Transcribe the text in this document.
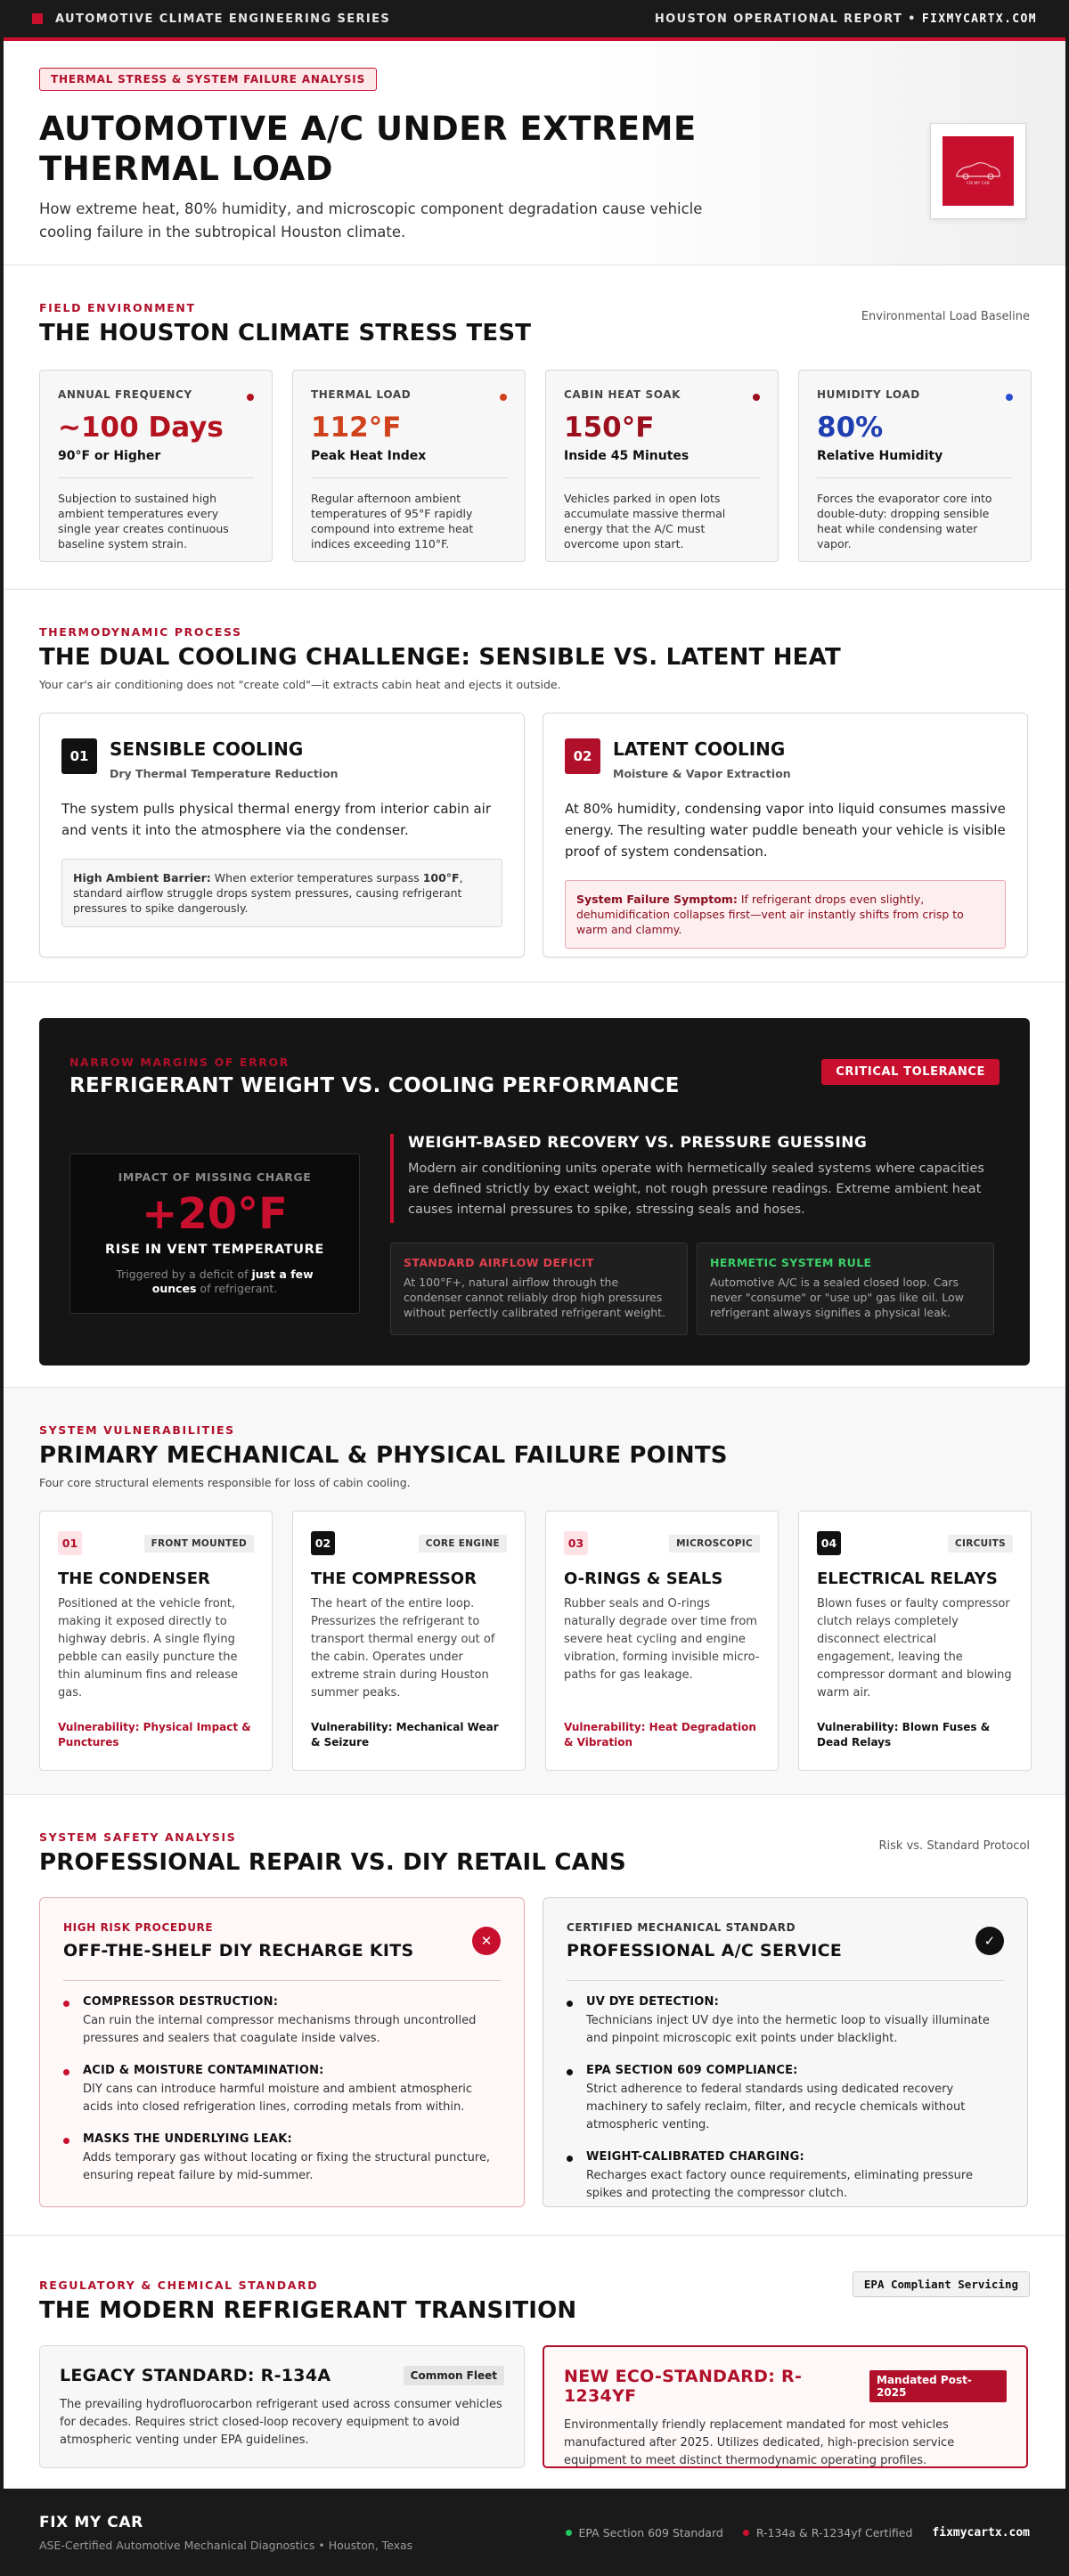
AUTOMOTIVE CLIMATE ENGINEERING SERIES	HOUSTON OPERATIONAL REPORT • FIXMYCARTX.COM
THERMAL STRESS & SYSTEM FAILURE ANALYSIS
AUTOMOTIVE A/C UNDER EXTREME THERMAL LOAD

How extreme heat, 80% humidity, and microscopic component degradation cause vehicle cooling failure in the subtropical Houston climate.

FIX MY CAR
FIELD ENVIRONMENT
THE HOUSTON CLIMATE STRESS TEST
Environmental Load Baseline
ANNUAL FREQUENCY
~100 Days
90°F or Higher
Subjection to sustained high ambient temperatures every single year creates continuous baseline system strain.
THERMAL LOAD
112°F
Peak Heat Index
Regular afternoon ambient temperatures of 95°F rapidly compound into extreme heat indices exceeding 110°F.
CABIN HEAT SOAK
150°F
Inside 45 Minutes
Vehicles parked in open lots accumulate massive thermal energy that the A/C must overcome upon start.
HUMIDITY LOAD
80%
Relative Humidity
Forces the evaporator core into double-duty: dropping sensible heat while condensing water vapor.
THERMODYNAMIC PROCESS
THE DUAL COOLING CHALLENGE: SENSIBLE VS. LATENT HEAT
Your car's air conditioning does not "create cold"—it extracts cabin heat and ejects it outside.
01	SENSIBLE COOLING
Dry Thermal Temperature Reduction
The system pulls physical thermal energy from interior cabin air and vents it into the atmosphere via the condenser.
High Ambient Barrier: When exterior temperatures surpass 100°F, standard airflow struggle drops system pressures, causing refrigerant pressures to spike dangerously.
02	LATENT COOLING
Moisture & Vapor Extraction
At 80% humidity, condensing vapor into liquid consumes massive energy. The resulting water puddle beneath your vehicle is visible proof of system condensation.
System Failure Symptom: If refrigerant drops even slightly, dehumidification collapses first—vent air instantly shifts from crisp to warm and clammy.
NARROW MARGINS OF ERROR
REFRIGERANT WEIGHT VS. COOLING PERFORMANCE
CRITICAL TOLERANCE
IMPACT OF MISSING CHARGE
+20°F
RISE IN VENT TEMPERATURE
Triggered by a deficit of just a few ounces of refrigerant.
WEIGHT-BASED RECOVERY VS. PRESSURE GUESSING
Modern air conditioning units operate with hermetically sealed systems where capacities are defined strictly by exact weight, not rough pressure readings. Extreme ambient heat causes internal pressures to spike, stressing seals and hoses.
STANDARD AIRFLOW DEFICIT
At 100°F+, natural airflow through the condenser cannot reliably drop high pressures without perfectly calibrated refrigerant weight.
HERMETIC SYSTEM RULE
Automotive A/C is a sealed closed loop. Cars never "consume" or "use up" gas like oil. Low refrigerant always signifies a physical leak.
SYSTEM VULNERABILITIES
PRIMARY MECHANICAL & PHYSICAL FAILURE POINTS
Four core structural elements responsible for loss of cabin cooling.
01	FRONT MOUNTED
THE CONDENSER
Positioned at the vehicle front, making it exposed directly to highway debris. A single flying pebble can easily puncture the thin aluminum fins and release gas.
Vulnerability: Physical Impact & Punctures
02	CORE ENGINE
THE COMPRESSOR
The heart of the entire loop. Pressurizes the refrigerant to transport thermal energy out of the cabin. Operates under extreme strain during Houston summer peaks.
Vulnerability: Mechanical Wear & Seizure
03	MICROSCOPIC
O-RINGS & SEALS
Rubber seals and O-rings naturally degrade over time from severe heat cycling and engine vibration, forming invisible micro-paths for gas leakage.
Vulnerability: Heat Degradation & Vibration
04	CIRCUITS
ELECTRICAL RELAYS
Blown fuses or faulty compressor clutch relays completely disconnect electrical engagement, leaving the compressor dormant and blowing warm air.
Vulnerability: Blown Fuses & Dead Relays
SYSTEM SAFETY ANALYSIS
PROFESSIONAL REPAIR VS. DIY RETAIL CANS
Risk vs. Standard Protocol
HIGH RISK PROCEDURE
OFF-THE-SHELF DIY RECHARGE KITS	✕
COMPRESSOR DESTRUCTION:
Can ruin the internal compressor mechanisms through uncontrolled pressures and sealers that coagulate inside valves.
ACID & MOISTURE CONTAMINATION:
DIY cans can introduce harmful moisture and ambient atmospheric acids into closed refrigeration lines, corroding metals from within.
MASKS THE UNDERLYING LEAK:
Adds temporary gas without locating or fixing the structural puncture, ensuring repeat failure by mid-summer.
CERTIFIED MECHANICAL STANDARD
PROFESSIONAL A/C SERVICE	✓
UV DYE DETECTION:
Technicians inject UV dye into the hermetic loop to visually illuminate and pinpoint microscopic exit points under blacklight.
EPA SECTION 609 COMPLIANCE:
Strict adherence to federal standards using dedicated recovery machinery to safely reclaim, filter, and recycle chemicals without atmospheric venting.
WEIGHT-CALIBRATED CHARGING:
Recharges exact factory ounce requirements, eliminating pressure spikes and protecting the compressor clutch.
REGULATORY & CHEMICAL STANDARD
THE MODERN REFRIGERANT TRANSITION
EPA Compliant Servicing
LEGACY STANDARD: R-134A	Common Fleet
The prevailing hydrofluorocarbon refrigerant used across consumer vehicles for decades. Requires strict closed-loop recovery equipment to avoid atmospheric venting under EPA guidelines.
NEW ECO-STANDARD: R-1234YF
Mandated Post-2025
Environmentally friendly replacement mandated for most vehicles manufactured after 2025. Utilizes dedicated, high-precision service equipment to meet distinct thermodynamic operating profiles.
FIX MY CAR
ASE-Certified Automotive Mechanical Diagnostics • Houston, Texas
EPA Section 609 Standard	R-134a & R-1234yf Certified fixmycartx.com
